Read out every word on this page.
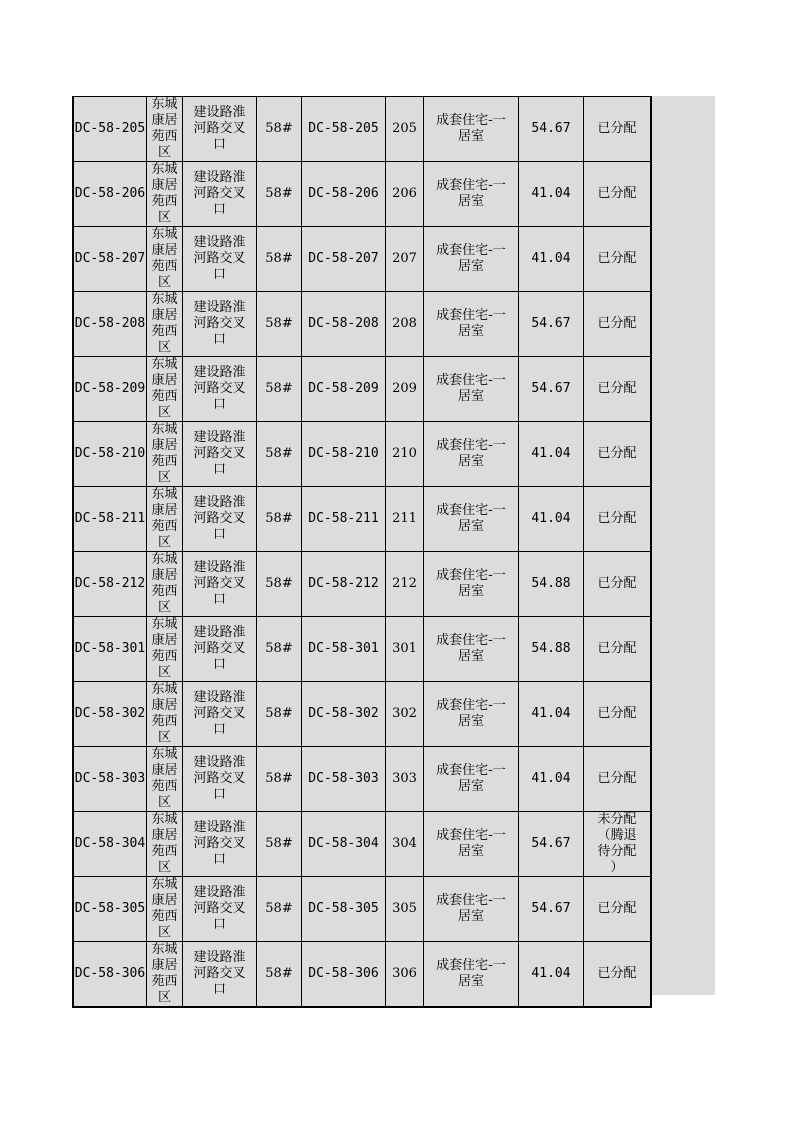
DC-58-205	东城
康居
苑西
区	建设路淮
河路交叉
口	58#	DC-58-205	205	成套住宅-一
居室	54.67	已分配

DC-58-206	东城
康居
苑西
区	建设路淮
河路交叉
口	58#	DC-58-206	206	成套住宅-一
居室	41.04	已分配

DC-58-207	东城
康居
苑西
区	建设路淮
河路交叉
口	58#	DC-58-207	207	成套住宅-一
居室	41.04	已分配

DC-58-208	东城
康居
苑西
区	建设路淮
河路交叉
口	58#	DC-58-208	208	成套住宅-一
居室	54.67	已分配

DC-58-209	东城
康居
苑西
区	建设路淮
河路交叉
口	58#	DC-58-209	209	成套住宅-一
居室	54.67	已分配

DC-58-210	东城
康居
苑西
区	建设路淮
河路交叉
口	58#	DC-58-210	210	成套住宅-一
居室	41.04	已分配

DC-58-211	东城
康居
苑西
区	建设路淮
河路交叉
口	58#	DC-58-211	211	成套住宅-一
居室	41.04	已分配

DC-58-212	东城
康居
苑西
区	建设路淮
河路交叉
口	58#	DC-58-212	212	成套住宅-一
居室	54.88	已分配

DC-58-301	东城
康居
苑西
区	建设路淮
河路交叉
口	58#	DC-58-301	301	成套住宅-一
居室	54.88	已分配

DC-58-302	东城
康居
苑西
区	建设路淮
河路交叉
口	58#	DC-58-302	302	成套住宅-一
居室	41.04	已分配

DC-58-303	东城
康居
苑西
区	建设路淮
河路交叉
口	58#	DC-58-303	303	成套住宅-一
居室	41.04	已分配

DC-58-304	东城
康居
苑西
区	建设路淮
河路交叉
口	58#	DC-58-304	304	成套住宅-一
居室	54.67	未分配
（腾退
待分配
）

DC-58-305	东城
康居
苑西
区	建设路淮
河路交叉
口	58#	DC-58-305	305	成套住宅-一
居室	54.67	已分配

DC-58-306	东城
康居
苑西
区	建设路淮
河路交叉
口	58#	DC-58-306	306	成套住宅-一
居室	41.04	已分配
